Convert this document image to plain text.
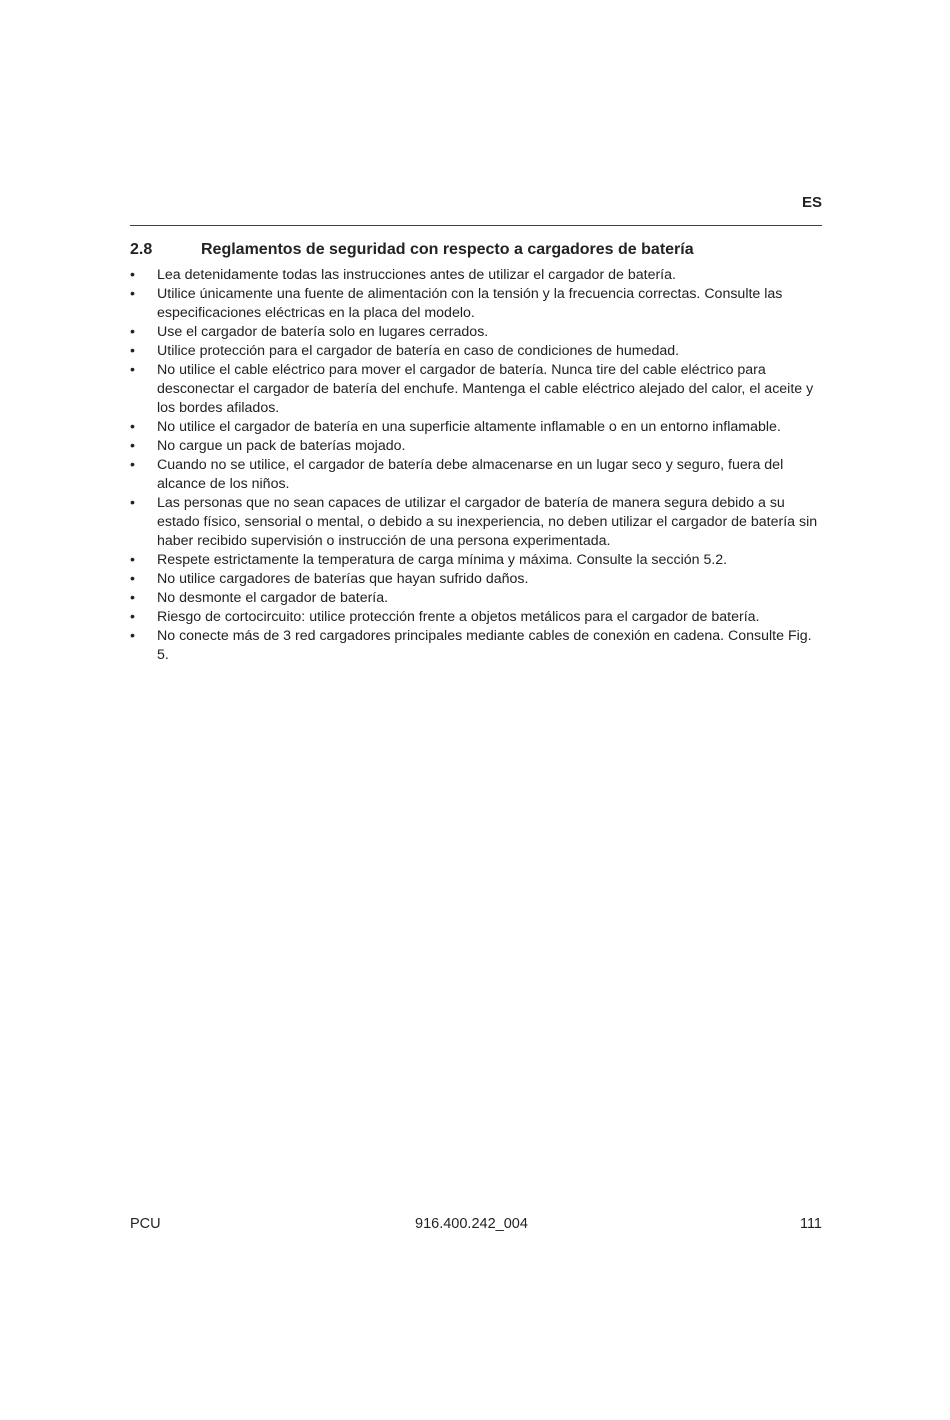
ES
2.8	Reglamentos de seguridad con respecto a cargadores de batería
•	Lea detenidamente todas las instrucciones antes de utilizar el cargador de batería.
•	Utilice únicamente una fuente de alimentación con la tensión y la frecuencia correctas. Consulte las especificaciones eléctricas en la placa del modelo.
•	Use el cargador de batería solo en lugares cerrados.
•	Utilice protección para el cargador de batería en caso de condiciones de humedad.
•	No utilice el cable eléctrico para mover el cargador de batería. Nunca tire del cable eléctrico para desconectar el cargador de batería del enchufe. Mantenga el cable eléctrico alejado del calor, el aceite y los bordes afilados.
•	No utilice el cargador de batería en una superficie altamente inflamable o en un entorno inflamable.
•	No cargue un pack de baterías mojado.
•	Cuando no se utilice, el cargador de batería debe almacenarse en un lugar seco y seguro, fuera del alcance de los niños.
•	Las personas que no sean capaces de utilizar el cargador de batería de manera segura debido a su estado físico, sensorial o mental, o debido a su inexperiencia, no deben utilizar el cargador de batería sin haber recibido supervisión o instrucción de una persona experimentada.
•	Respete estrictamente la temperatura de carga mínima y máxima. Consulte la sección 5.2.
•	No utilice cargadores de baterías que hayan sufrido daños.
•	No desmonte el cargador de batería.
•	Riesgo de cortocircuito: utilice protección frente a objetos metálicos para el cargador de batería.
•	No conecte más de 3 red cargadores principales mediante cables de conexión en cadena. Consulte Fig. 5.
PCU	916.400.242_004	111
